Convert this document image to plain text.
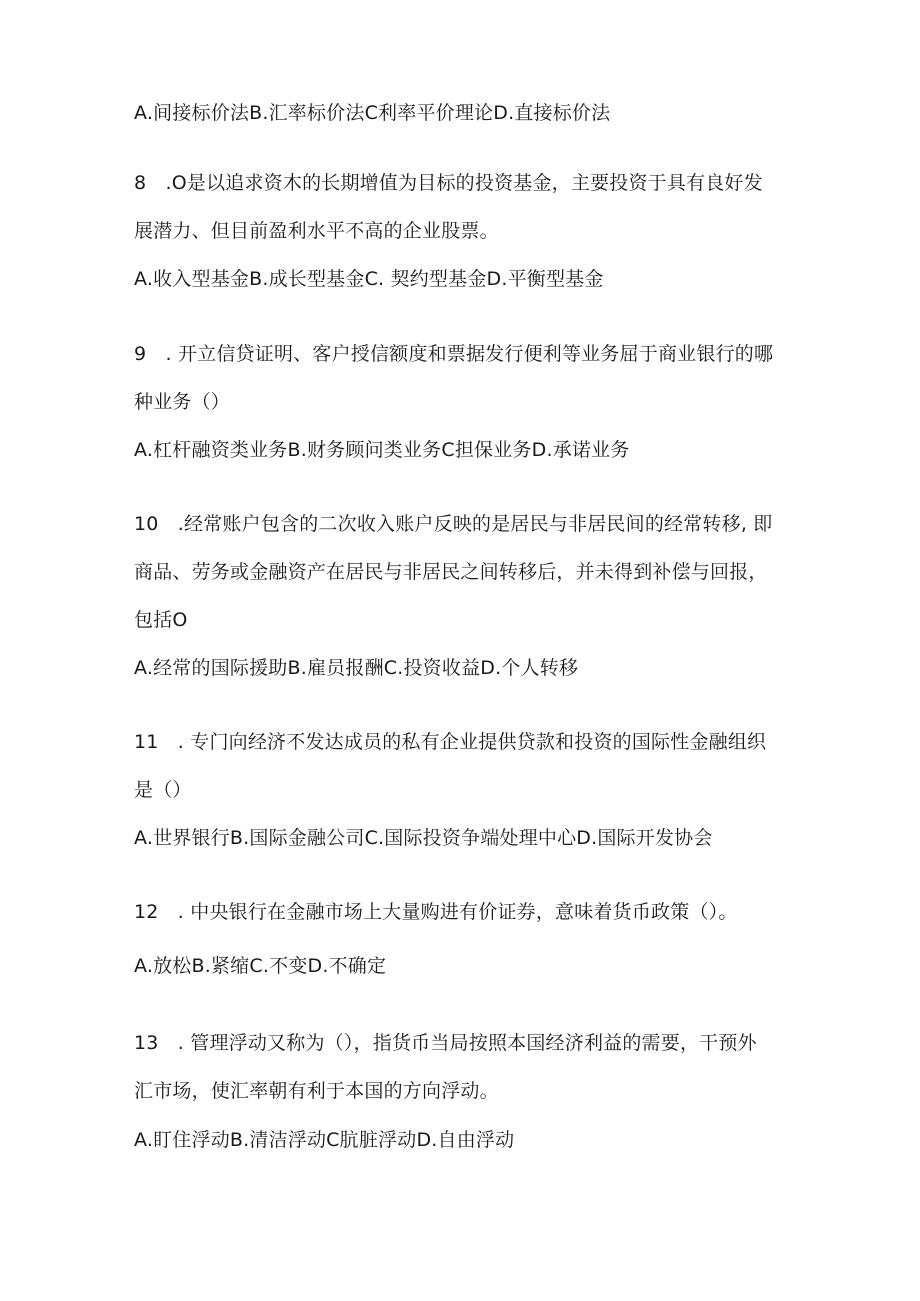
A.间接标价法B.汇率标价法C利率平价理论D.直接标价法
8　.O是以追求资木的长期增值为目标的投资基金，主要投资于具有良好发
展潜力、但目前盈利水平不高的企业股票。
A.收入型基金B.成长型基金C. 契约型基金D.平衡型基金
9　. 开立信贷证明、客户授信额度和票据发行便利等业务屈于商业银行的哪
种业务（）
A.杠杆融资类业务B.财务顾问类业务C担保业务D.承诺业务
10　.经常账户包含的二次收入账户反映的是居民与非居民间的经常转移, 即
商品、劳务或金融资产在居民与非居民之间转移后，并未得到补偿与回报，
包括O
A.经常的国际援助B.雇员报酬C.投资收益D.个人转移
11　. 专门向经济不发达成员的私有企业提供贷款和投资的国际性金融组织
是（）
A.世界银行B.国际金融公司C.国际投资争端处理中心D.国际开发协会
12　. 中央银行在金融市场上大量购进有价证券，意味着货币政策（）。
A.放松B.紧缩C.不变D.不确定
13　. 管理浮动又称为（），指货币当局按照本国经济利益的需要，干预外
汇市场，使汇率朝有利于本国的方向浮动。
A.盯住浮动B.清洁浮动C肮脏浮动D.自由浮动
